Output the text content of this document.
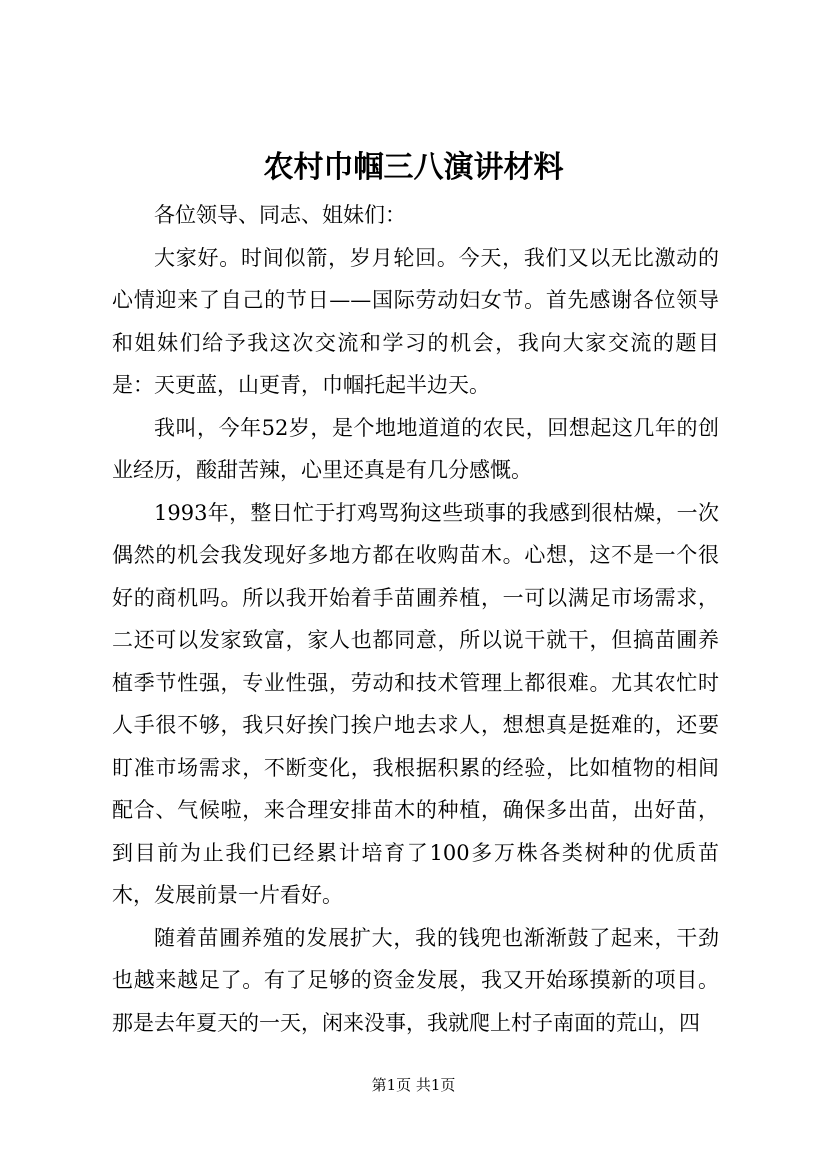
农村巾帼三八演讲材料

各位领导、同志、姐妹们：

大家好。时间似箭，岁月轮回。今天，我们又以无比激动的心情迎来了自己的节日——国际劳动妇女节。首先感谢各位领导和姐妹们给予我这次交流和学习的机会，我向大家交流的题目是：天更蓝，山更青，巾帼托起半边天。

我叫，今年52岁，是个地地道道的农民，回想起这几年的创业经历，酸甜苦辣，心里还真是有几分感慨。

1993年，整日忙于打鸡骂狗这些琐事的我感到很枯燥，一次偶然的机会我发现好多地方都在收购苗木。心想，这不是一个很好的商机吗。所以我开始着手苗圃养植，一可以满足市场需求，二还可以发家致富，家人也都同意，所以说干就干，但搞苗圃养植季节性强，专业性强，劳动和技术管理上都很难。尤其农忙时人手很不够，我只好挨门挨户地去求人，想想真是挺难的，还要盯准市场需求，不断变化，我根据积累的经验，比如植物的相间配合、气候啦，来合理安排苗木的种植，确保多出苗，出好苗，到目前为止我们已经累计培育了100多万株各类树种的优质苗木，发展前景一片看好。

随着苗圃养殖的发展扩大，我的钱兜也渐渐鼓了起来，干劲也越来越足了。有了足够的资金发展，我又开始琢摸新的项目。那是去年夏天的一天，闲来没事，我就爬上村子南面的荒山，四

第1页 共1页
